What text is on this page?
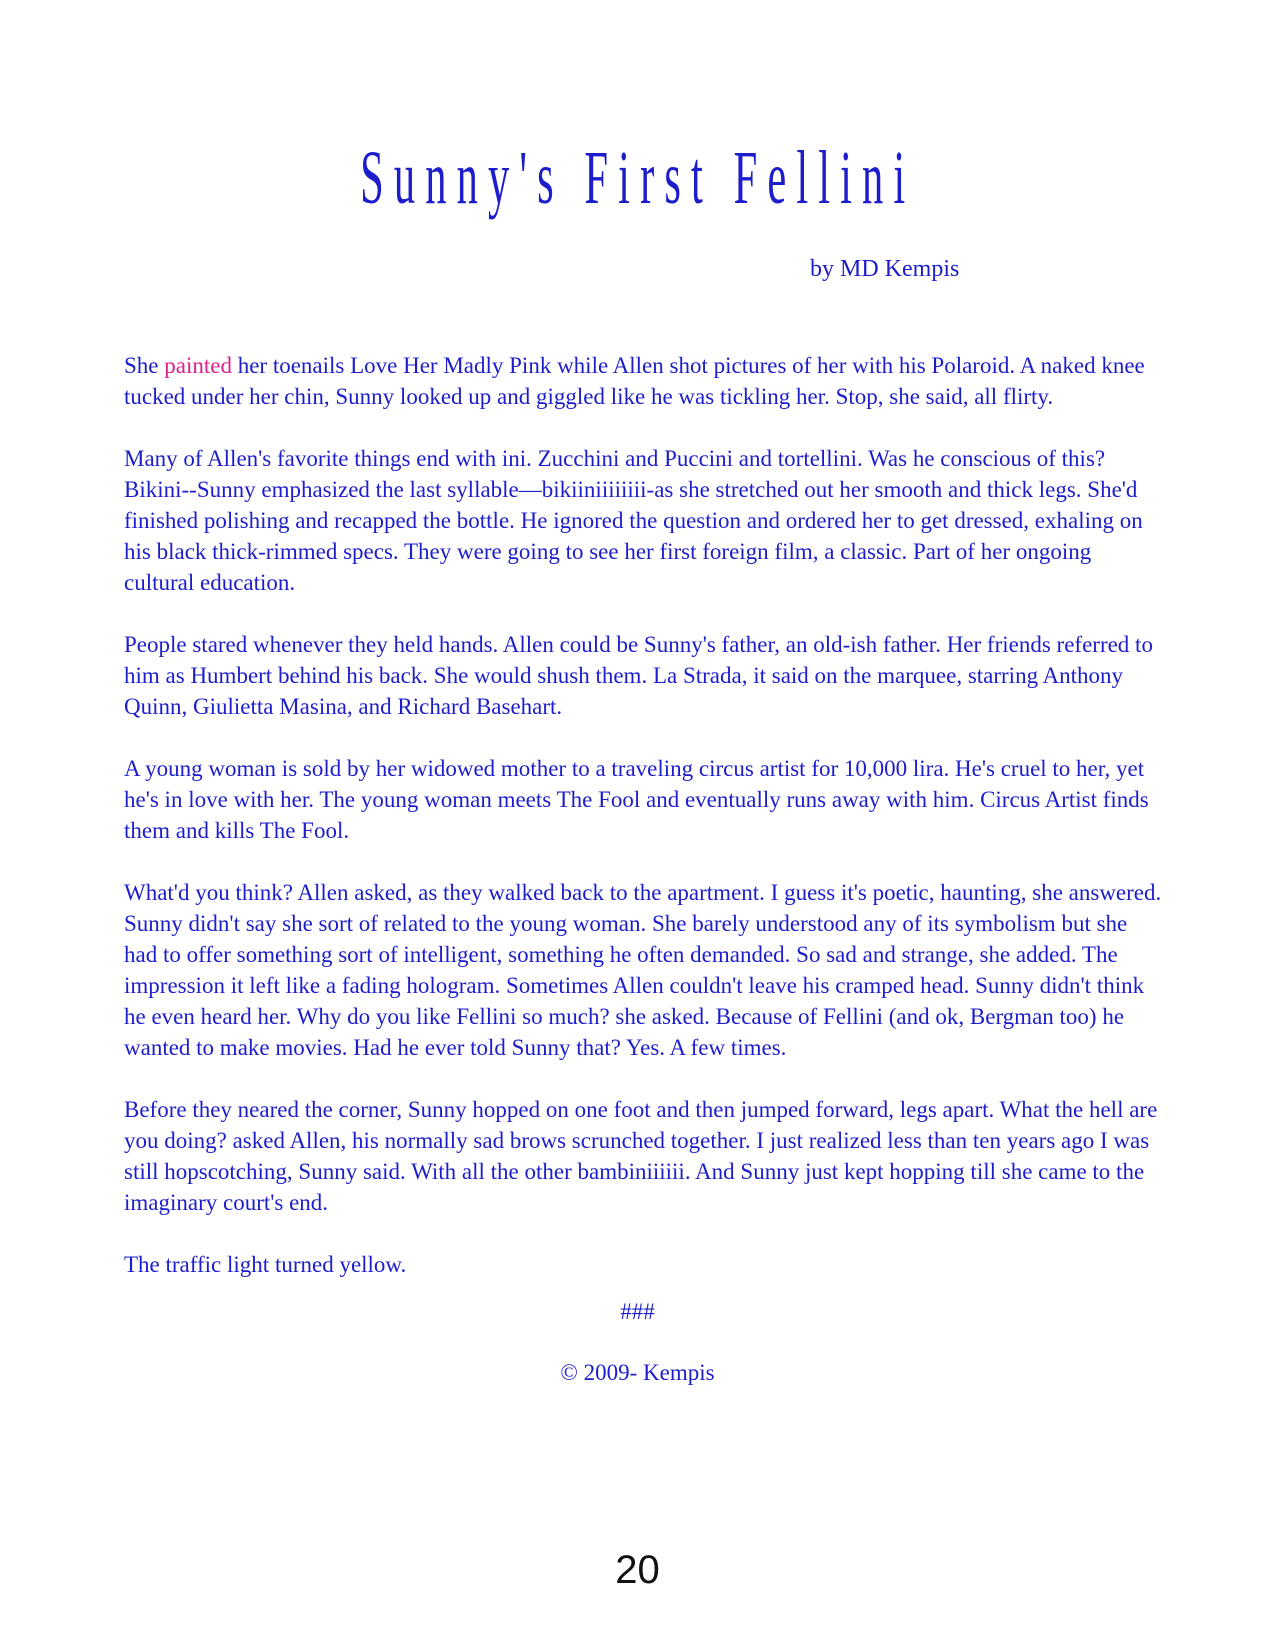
Sunny's First Fellini
by MD Kempis

She painted her toenails Love Her Madly Pink while Allen shot pictures of her with his Polaroid. A naked knee tucked under her chin, Sunny looked up and giggled like he was tickling her. Stop, she said, all flirty.

Many of Allen's favorite things end with ini. Zucchini and Puccini and tortellini. Was he conscious of this? Bikini--Sunny emphasized the last syllable—bikiiniiiiiiii-as she stretched out her smooth and thick legs. She'd finished polishing and recapped the bottle. He ignored the question and ordered her to get dressed, exhaling on his black thick-rimmed specs. They were going to see her first foreign film, a classic. Part of her ongoing cultural education.

People stared whenever they held hands. Allen could be Sunny's father, an old-ish father. Her friends referred to him as Humbert behind his back. She would shush them. La Strada, it said on the marquee, starring Anthony Quinn, Giulietta Masina, and Richard Basehart.

A young woman is sold by her widowed mother to a traveling circus artist for 10,000 lira. He's cruel to her, yet he's in love with her. The young woman meets The Fool and eventually runs away with him. Circus Artist finds them and kills The Fool.

What'd you think? Allen asked, as they walked back to the apartment. I guess it's poetic, haunting, she answered. Sunny didn't say she sort of related to the young woman. She barely understood any of its symbolism but she had to offer something sort of intelligent, something he often demanded. So sad and strange, she added. The impression it left like a fading hologram. Sometimes Allen couldn't leave his cramped head. Sunny didn't think he even heard her. Why do you like Fellini so much? she asked. Because of Fellini (and ok, Bergman too) he wanted to make movies. Had he ever told Sunny that? Yes. A few times.

Before they neared the corner, Sunny hopped on one foot and then jumped forward, legs apart. What the hell are you doing? asked Allen, his normally sad brows scrunched together. I just realized less than ten years ago I was still hopscotching, Sunny said. With all the other bambiniiiiii. And Sunny just kept hopping till she came to the imaginary court's end.

The traffic light turned yellow.

###
© 2009- Kempis
20
